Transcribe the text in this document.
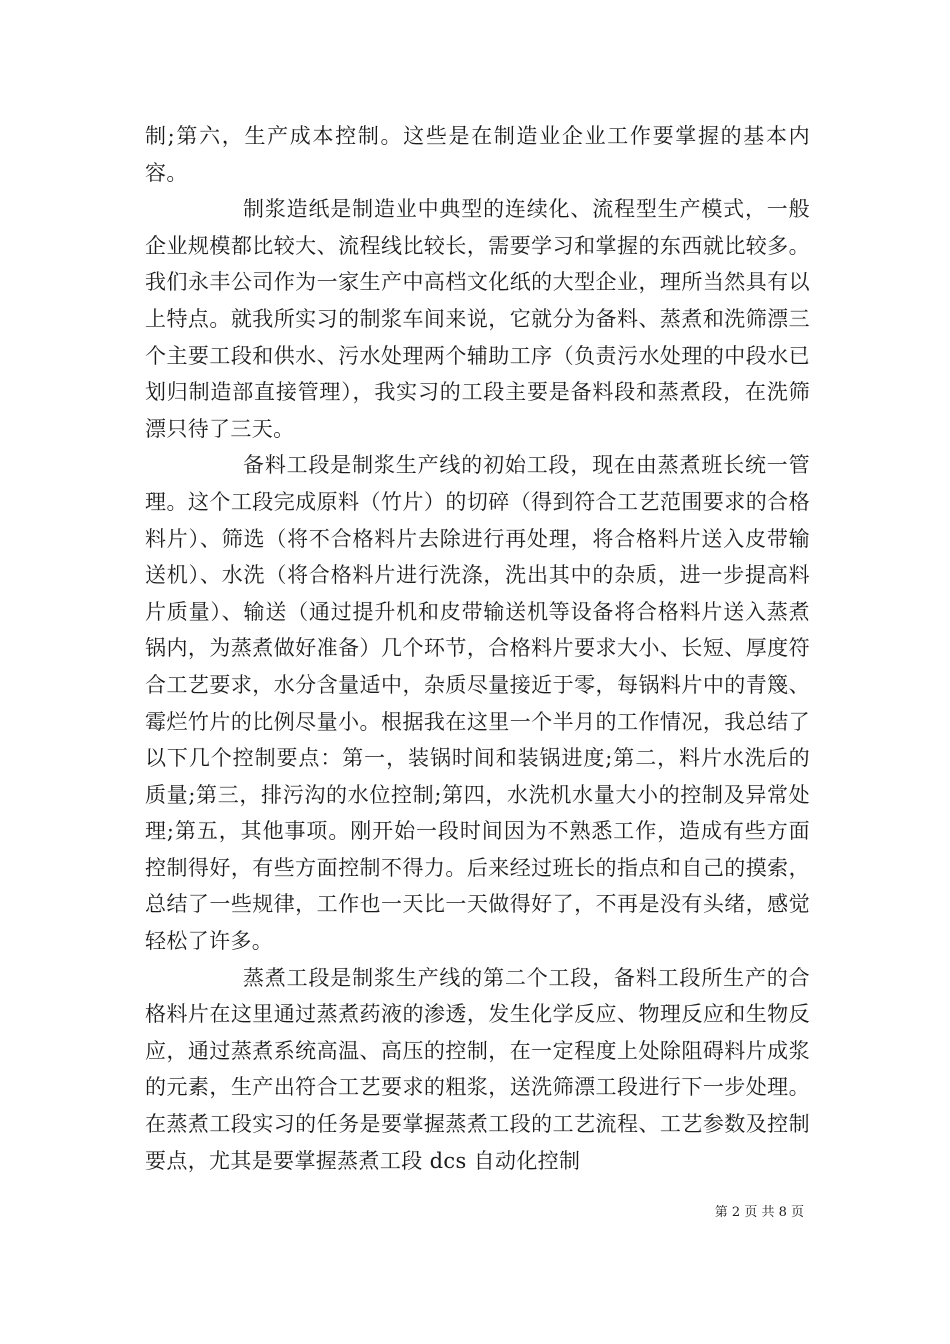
制;第六，生产成本控制。这些是在制造业企业工作要掌握的基本内容。

制浆造纸是制造业中典型的连续化、流程型生产模式，一般企业规模都比较大、流程线比较长，需要学习和掌握的东西就比较多。我们永丰公司作为一家生产中高档文化纸的大型企业，理所当然具有以上特点。就我所实习的制浆车间来说，它就分为备料、蒸煮和洗筛漂三个主要工段和供水、污水处理两个辅助工序（负责污水处理的中段水已划归制造部直接管理），我实习的工段主要是备料段和蒸煮段，在洗筛漂只待了三天。

备料工段是制浆生产线的初始工段，现在由蒸煮班长统一管理。这个工段完成原料（竹片）的切碎（得到符合工艺范围要求的合格料片）、筛选（将不合格料片去除进行再处理，将合格料片送入皮带输送机）、水洗（将合格料片进行洗涤，洗出其中的杂质，进一步提高料片质量）、输送（通过提升机和皮带输送机等设备将合格料片送入蒸煮锅内，为蒸煮做好准备）几个环节，合格料片要求大小、长短、厚度符合工艺要求，水分含量适中，杂质尽量接近于零，每锅料片中的青篾、霉烂竹片的比例尽量小。根据我在这里一个半月的工作情况，我总结了以下几个控制要点：第一，装锅时间和装锅进度;第二，料片水洗后的质量;第三，排污沟的水位控制;第四，水洗机水量大小的控制及异常处理;第五，其他事项。刚开始一段时间因为不熟悉工作，造成有些方面控制得好，有些方面控制不得力。后来经过班长的指点和自己的摸索，总结了一些规律，工作也一天比一天做得好了，不再是没有头绪，感觉轻松了许多。

蒸煮工段是制浆生产线的第二个工段，备料工段所生产的合格料片在这里通过蒸煮药液的渗透，发生化学反应、物理反应和生物反应，通过蒸煮系统高温、高压的控制，在一定程度上处除阻碍料片成浆的元素，生产出符合工艺要求的粗浆，送洗筛漂工段进行下一步处理。在蒸煮工段实习的任务是要掌握蒸煮工段的工艺流程、工艺参数及控制要点，尤其是要掌握蒸煮工段 dcs 自动化控制

第 2 页 共 8 页
